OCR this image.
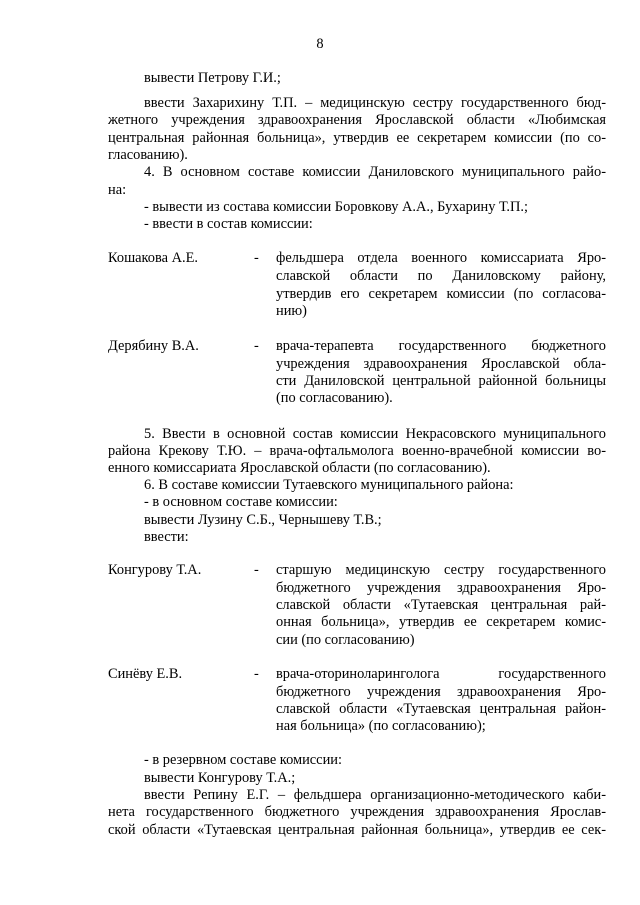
8
вывести Петрову Г.И.;
ввести Захарихину Т.П. – медицинскую сестру государственного бюд-
жетного учреждения здравоохранения Ярославской области «Любимская
центральная районная больница», утвердив ее секретарем комиссии (по со-
гласованию).
4. В основном составе комиссии Даниловского муниципального райо-
на:
- вывести из состава комиссии Боровкову А.А., Бухарину Т.П.;
- ввести в состав комиссии:
Кошакова А.Е.	- фельдшера отдела военного комиссариата Яро-
славской области по Даниловскому району,
утвердив его секретарем комиссии (по согласова-
нию)
Дерябину В.А.	- врача-терапевта государственного бюджетного
учреждения здравоохранения Ярославской обла-
сти Даниловской центральной районной больницы
(по согласованию).
5. Ввести в основной состав комиссии Некрасовского муниципального
района Крекову Т.Ю. – врача-офтальмолога военно-врачебной комиссии во-
енного комиссариата Ярославской области (по согласованию).
6. В составе комиссии Тутаевского муниципального района:
- в основном составе комиссии:
вывести Лузину С.Б., Чернышеву Т.В.;
ввести:
Конгурову Т.А.	- старшую медицинскую сестру государственного
бюджетного учреждения здравоохранения Яро-
славской области «Тутаевская центральная рай-
онная больница», утвердив ее секретарем комис-
сии (по согласованию)
Синёву Е.В.	- врача-оториноларинголога государственного
бюджетного учреждения здравоохранения Яро-
славской области «Тутаевская центральная район-
ная больница» (по согласованию);
- в резервном составе комиссии:
вывести Конгурову Т.А.;
ввести Репину Е.Г. – фельдшера организационно-методического каби-
нета государственного бюджетного учреждения здравоохранения Ярослав-
ской области «Тутаевская центральная районная больница», утвердив ее сек-
